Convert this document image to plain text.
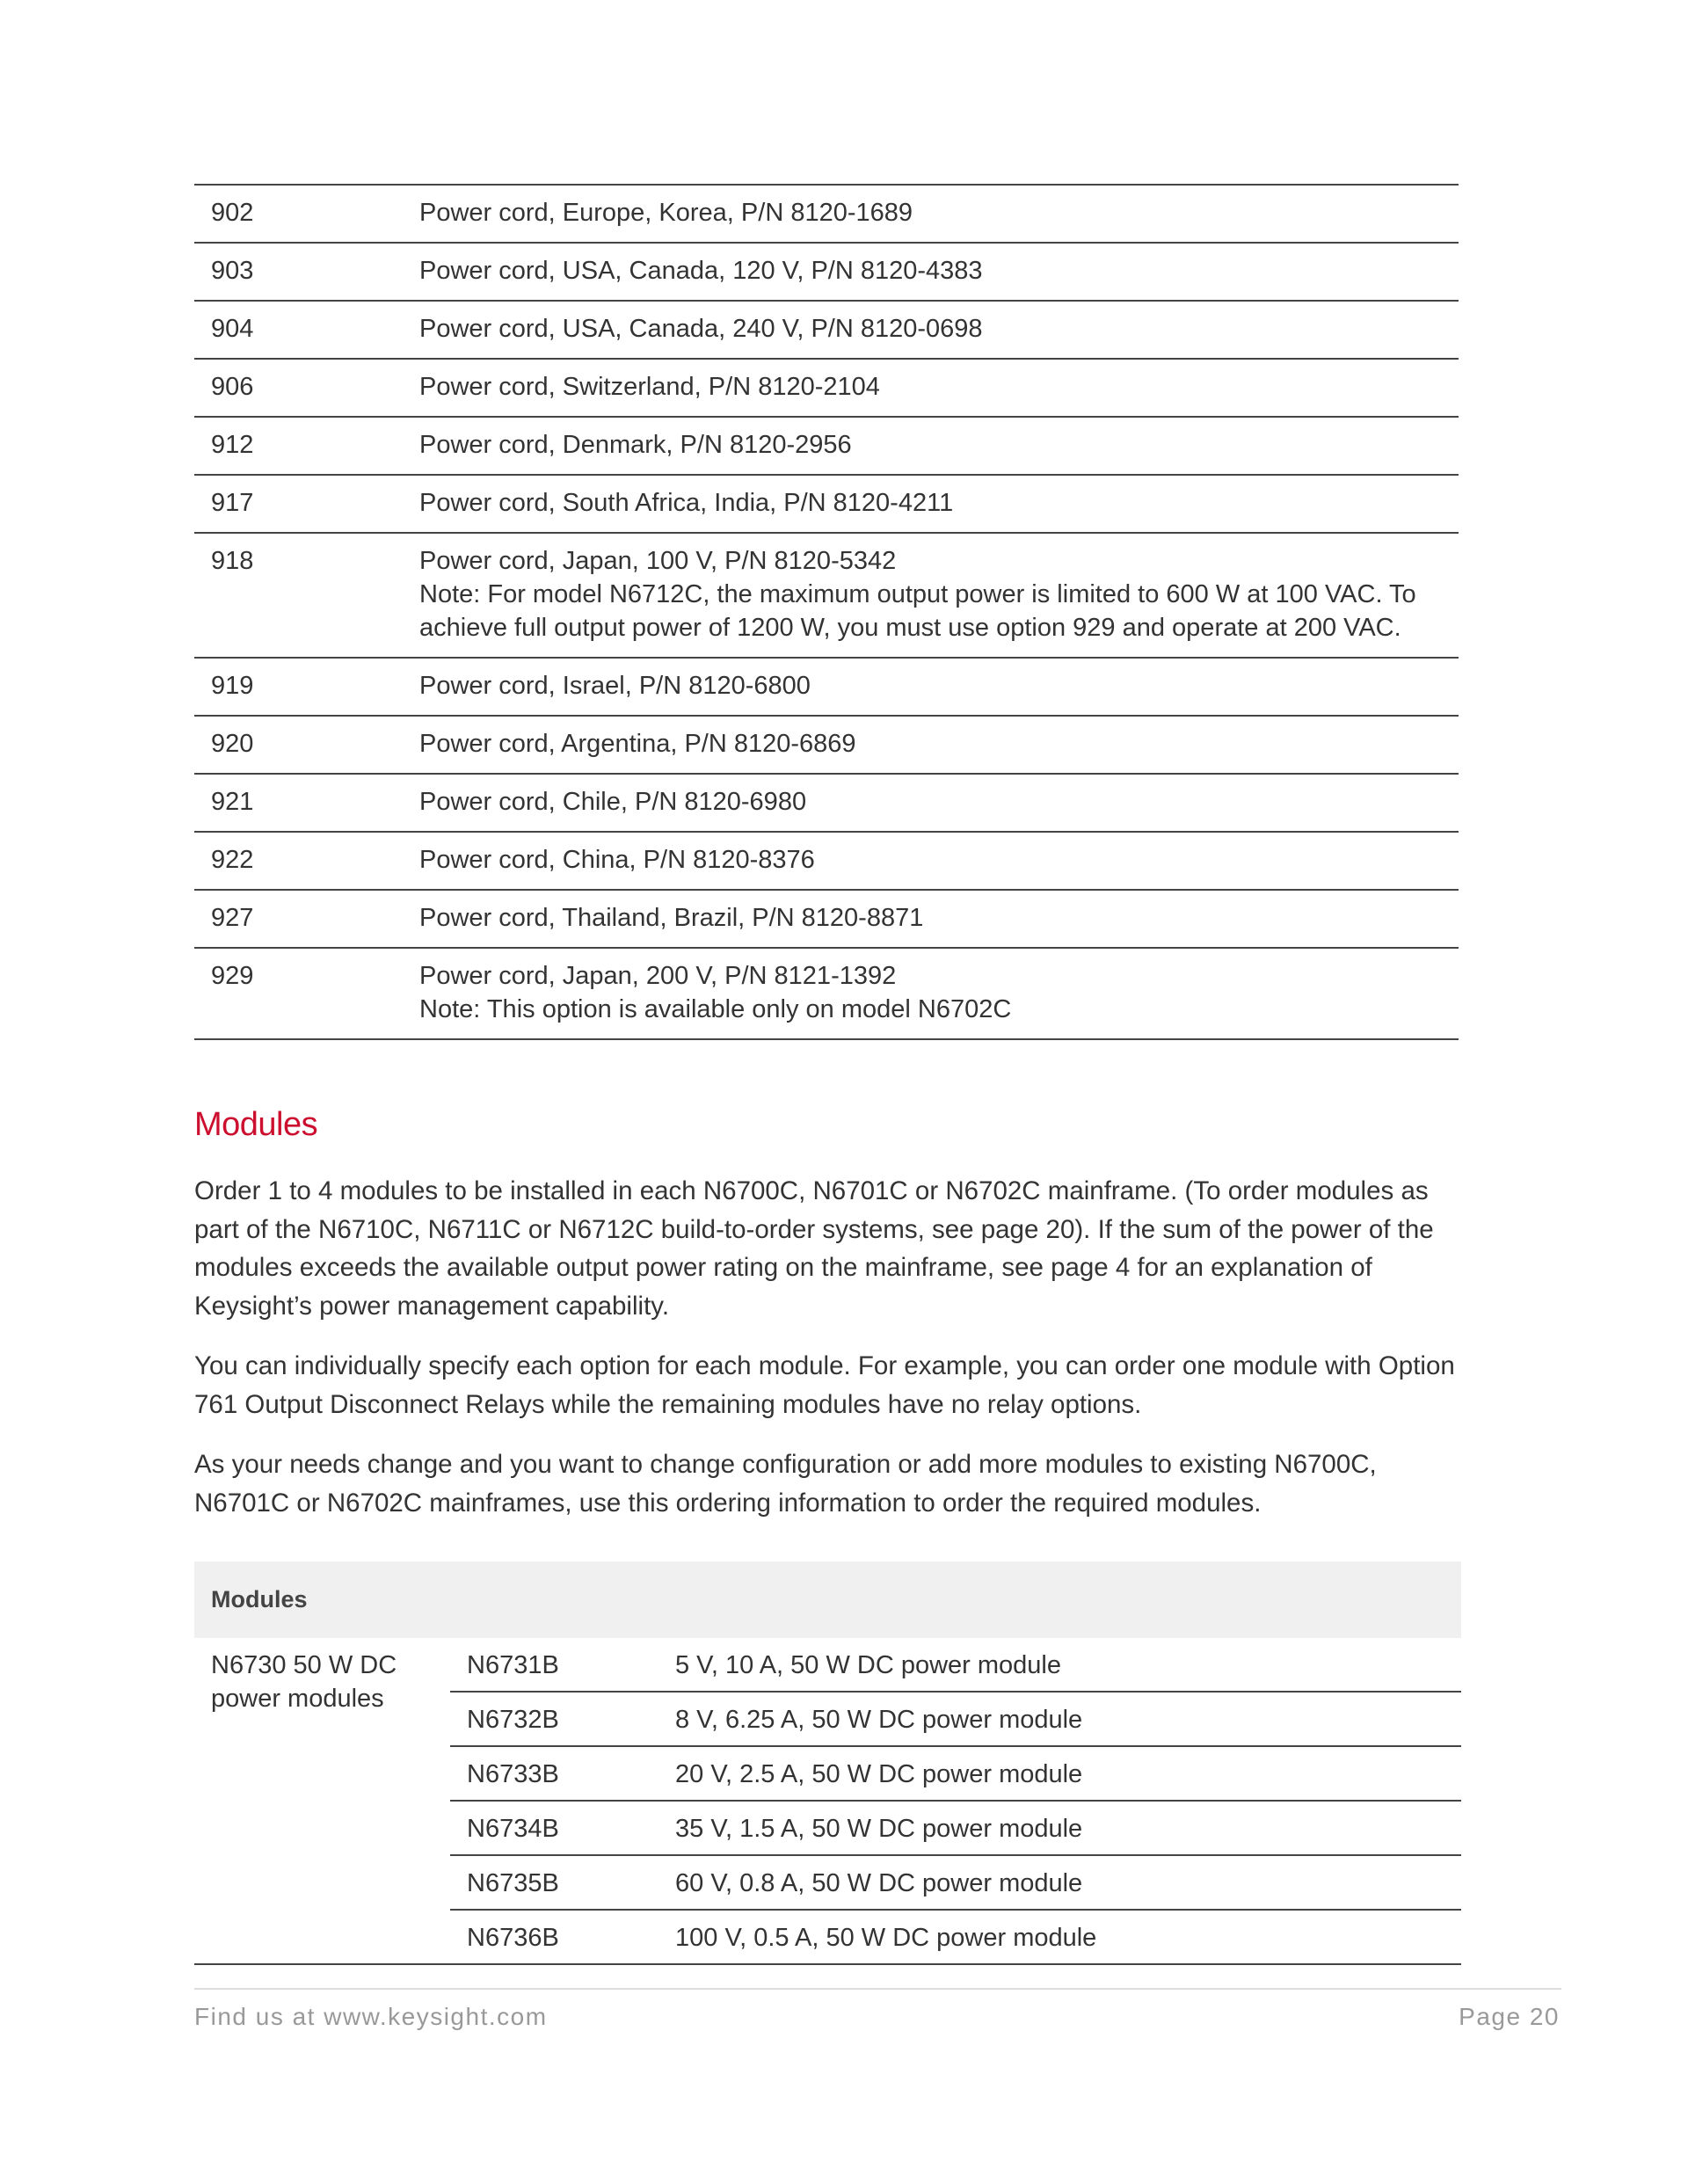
902	Power cord, Europe, Korea, P/N 8120-1689
903	Power cord, USA, Canada, 120 V, P/N 8120-4383
904	Power cord, USA, Canada, 240 V, P/N 8120-0698
906	Power cord, Switzerland, P/N 8120-2104
912	Power cord, Denmark, P/N 8120-2956
917	Power cord, South Africa, India, P/N 8120-4211
918	Power cord, Japan, 100 V, P/N 8120-5342
Note: For model N6712C, the maximum output power is limited to 600 W at 100 VAC. To achieve full output power of 1200 W, you must use option 929 and operate at 200 VAC.

919	Power cord, Israel, P/N 8120-6800
920	Power cord, Argentina, P/N 8120-6869
921	Power cord, Chile, P/N 8120-6980
922	Power cord, China, P/N 8120-8376
927	Power cord, Thailand, Brazil, P/N 8120-8871
929	Power cord, Japan, 200 V, P/N 8121-1392
Note: This option is available only on model N6702C
Modules

Order 1 to 4 modules to be installed in each N6700C, N6701C or N6702C mainframe. (To order modules as part of the N6710C, N6711C or N6712C build-to-order systems, see page 20). If the sum of the power of the modules exceeds the available output power rating on the mainframe, see page 4 for an explanation of Keysight’s power management capability.

You can individually specify each option for each module. For example, you can order one module with Option 761 Output Disconnect Relays while the remaining modules have no relay options.

As your needs change and you want to change configuration or add more modules to existing N6700C, N6701C or N6702C mainframes, use this ordering information to order the required modules.

Modules		
N6730 50 W DC power modules	N6731B	5 V, 10 A, 50 W DC power module
	N6732B	8 V, 6.25 A, 50 W DC power module
	N6733B	20 V, 2.5 A, 50 W DC power module
	N6734B	35 V, 1.5 A, 50 W DC power module
	N6735B	60 V, 0.8 A, 50 W DC power module
	N6736B	100 V, 0.5 A, 50 W DC power module
Find us at www.keysight.com	Page 20
